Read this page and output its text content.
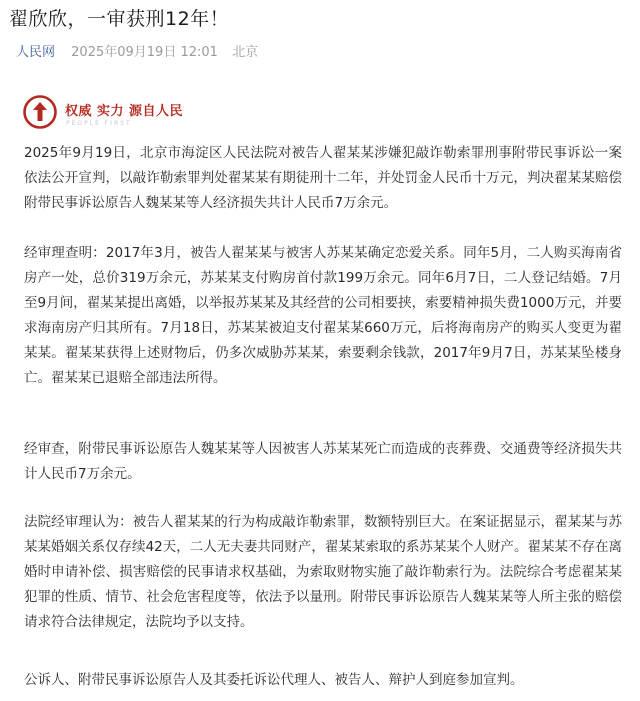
翟欣欣，一审获刑12年！
人民网 2025年09月19日 12:01 北京
权威 实力 源自人民
PEOPLE FIRST

2025年9月19日，北京市海淀区人民法院对被告人翟某某涉嫌犯敲诈勒索罪刑事附带民事诉讼一案依法公开宣判，以敲诈勒索罪判处翟某某有期徒刑十二年，并处罚金人民币十万元，判决翟某某赔偿附带民事诉讼原告人魏某某等人经济损失共计人民币7万余元。

经审理查明：2017年3月，被告人翟某某与被害人苏某某确定恋爱关系。同年5月，二人购买海南省房产一处，总价319万余元，苏某某支付购房首付款199万余元。同年6月7日，二人登记结婚。7月至9月间，翟某某提出离婚，以举报苏某某及其经营的公司相要挟，索要精神损失费1000万元，并要求海南房产归其所有。7月18日，苏某某被迫支付翟某某660万元，后将海南房产的购买人变更为翟某某。翟某某获得上述财物后，仍多次威胁苏某某，索要剩余钱款，2017年9月7日，苏某某坠楼身亡。翟某某已退赔全部违法所得。

经审查，附带民事诉讼原告人魏某某等人因被害人苏某某死亡而造成的丧葬费、交通费等经济损失共计人民币7万余元。

法院经审理认为：被告人翟某某的行为构成敲诈勒索罪，数额特别巨大。在案证据显示，翟某某与苏某某婚姻关系仅存续42天，二人无夫妻共同财产，翟某某索取的系苏某某个人财产。翟某某不存在离婚时申请补偿、损害赔偿的民事请求权基础，为索取财物实施了敲诈勒索行为。法院综合考虑翟某某犯罪的性质、情节、社会危害程度等，依法予以量刑。附带民事诉讼原告人魏某某等人所主张的赔偿请求符合法律规定，法院均予以支持。

公诉人、附带民事诉讼原告人及其委托诉讼代理人、被告人、辩护人到庭参加宣判。
